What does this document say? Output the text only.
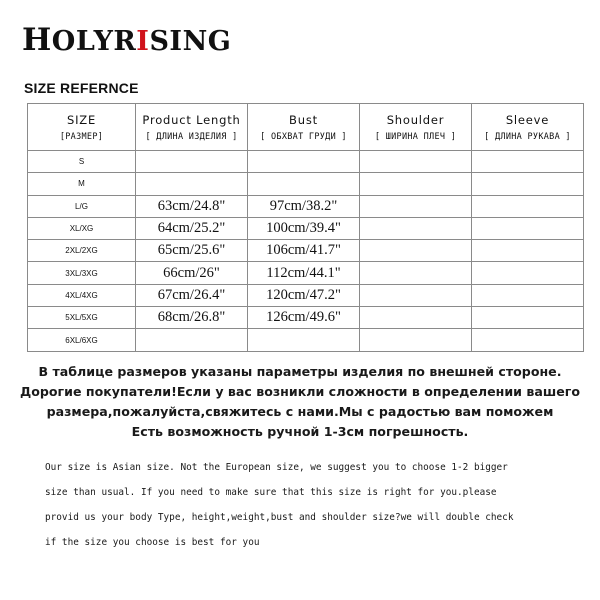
HOLYRISING
SIZE REFERNCE
SIZE
[РАЗМЕР]	Product Length
[ ДЛИНА ИЗДЕЛИЯ ]	Bust
[ ОБХВАТ ГРУДИ ]	Shoulder
[ ШИРИНА ПЛЕЧ ]	Sleeve
[ ДЛИНА РУКАВА ]

S				
M				
L/G	63cm/24.8"	97cm/38.2"		
XL/XG	64cm/25.2"	100cm/39.4"		
2XL/2XG	65cm/25.6"	106cm/41.7"		
3XL/3XG	66cm/26"	112cm/44.1"		
4XL/4XG	67cm/26.4"	120cm/47.2"		
5XL/5XG	68cm/26.8"	126cm/49.6"		
6XL/6XG				
В таблице размеров указаны параметры изделия по внешней стороне.
Дорогие покупатели!Если у вас возникли сложности в определении вашего
размера,пожалуйста,свяжитесь с нами.Мы с радостью вам поможем
Есть возможность ручной 1-3см погрешность.
Our size is Asian size. Not the European size, we suggest you to choose 1-2 bigger
size than usual. If you need to make sure that this size is right for you.please
provid us your body Type, height,weight,bust and shoulder size?we will double check
if the size you choose is best for you
